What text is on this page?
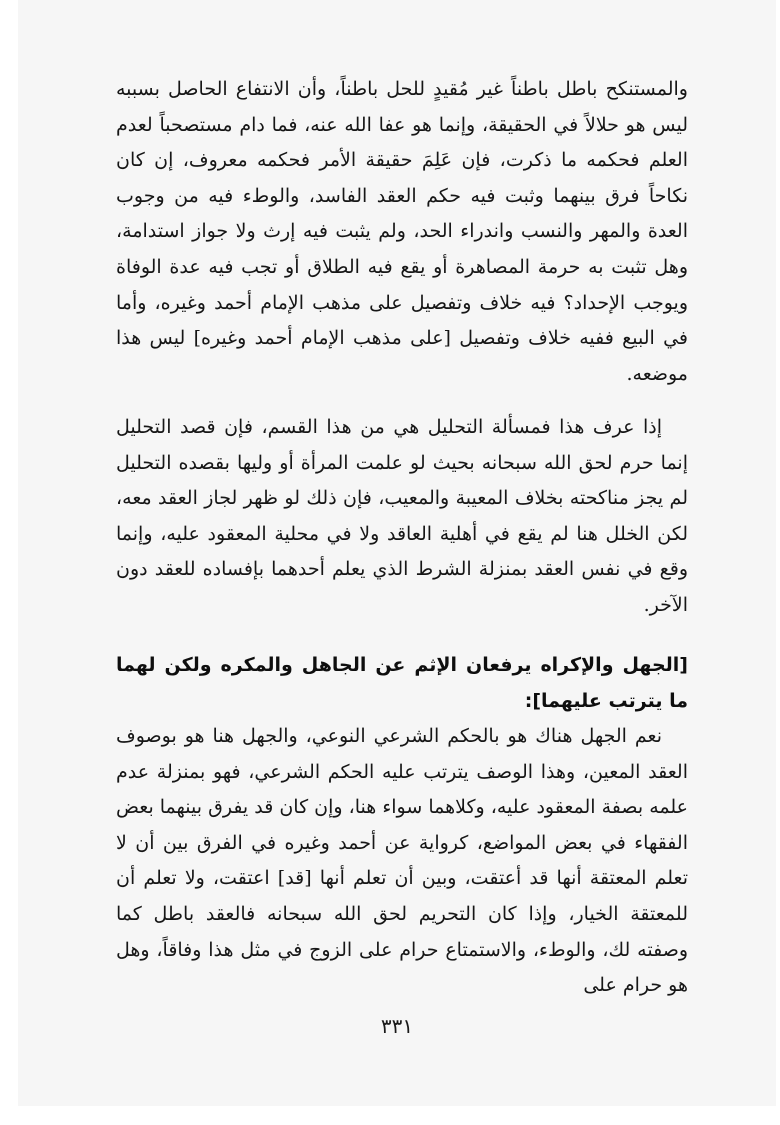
والمستنكح باطل باطناً غير مُقيدٍ للحل باطناً، وأن الانتفاع الحاصل بسببه ليس هو حلالاً في الحقيقة، وإنما هو عفا الله عنه، فما دام مستصحباً لعدم العلم فحكمه ما ذكرت، فإن عَلِمَ حقيقة الأمر فحكمه معروف، إن كان نكاحاً فرق بينهما وثبت فيه حكم العقد الفاسد، والوطء فيه من وجوب العدة والمهر والنسب واندراء الحد، ولم يثبت فيه إرث ولا جواز استدامة، وهل تثبت به حرمة المصاهرة أو يقع فيه الطلاق أو تجب فيه عدة الوفاة ويوجب الإحداد؟ فيه خلاف وتفصيل على مذهب الإمام أحمد وغيره، وأما في البيع ففيه خلاف وتفصيل [على مذهب الإمام أحمد وغيره] ليس هذا موضعه.

إذا عرف هذا فمسألة التحليل هي من هذا القسم، فإن قصد التحليل إنما حرم لحق الله سبحانه بحيث لو علمت المرأة أو وليها بقصده التحليل لم يجز مناكحته بخلاف المعيبة والمعيب، فإن ذلك لو ظهر لجاز العقد معه، لكن الخلل هنا لم يقع في أهلية العاقد ولا في محلية المعقود عليه، وإنما وقع في نفس العقد بمنزلة الشرط الذي يعلم أحدهما بإفساده للعقد دون الآخر.

[الجهل والإكراه يرفعان الإثم عن الجاهل والمكره ولكن لهما ما يترتب عليهما]:

نعم الجهل هناك هو بالحكم الشرعي النوعي، والجهل هنا هو بوصوف العقد المعين، وهذا الوصف يترتب عليه الحكم الشرعي، فهو بمنزلة عدم علمه بصفة المعقود عليه، وكلاهما سواء هنا، وإن كان قد يفرق بينهما بعض الفقهاء في بعض المواضع، كرواية عن أحمد وغيره في الفرق بين أن لا تعلم المعتقة أنها قد أعتقت، وبين أن تعلم أنها [قد] اعتقت، ولا تعلم أن للمعتقة الخيار، وإذا كان التحريم لحق الله سبحانه فالعقد باطل كما وصفته لك، والوطء، والاستمتاع حرام على الزوج في مثل هذا وفاقاً، وهل هو حرام على

٣٣١
